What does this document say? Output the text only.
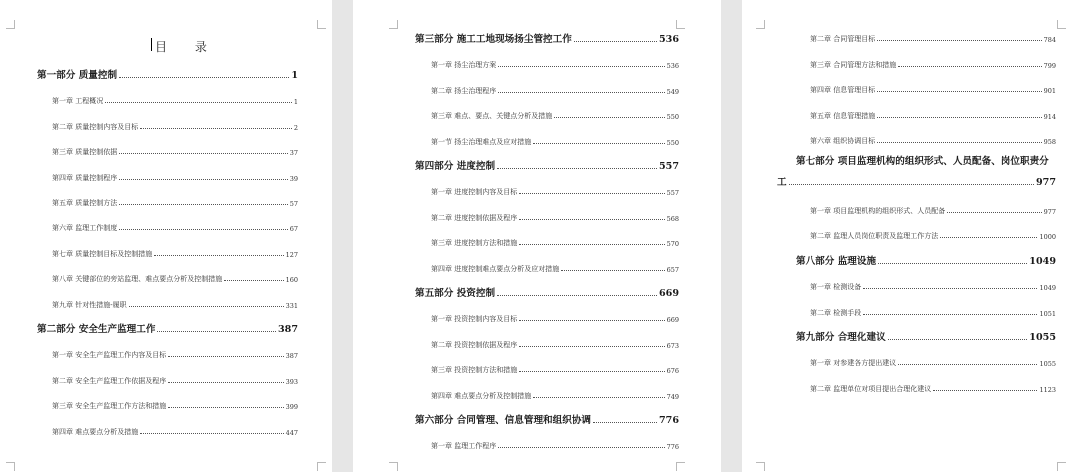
目 录
第一部分 质量控制	1
第一章 工程概况	1
第二章 质量控制内容及目标	2
第三章 质量控制依据	37
第四章 质量控制程序	39
第五章 质量控制方法	57
第六章 监理工作制度	67
第七章 质量控制目标及控制措施	127
第八章 关键部位的旁站监理、难点要点分析及控制措施	160
第九章 针对性措施-履职	331
第二部分 安全生产监理工作	387
第一章 安全生产监理工作内容及目标	387
第二章 安全生产监理工作依据及程序	393
第三章 安全生产监理工作方法和措施	399
第四章 难点要点分析及措施	447
第三部分 施工工地现场扬尘管控工作	536
第一章 扬尘治理方案	536
第二章 扬尘治理程序	549
第三章 难点、要点、关键点分析及措施	550
第一节 扬尘治理难点及应对措施	550
第四部分 进度控制	557
第一章 进度控制内容及目标	557
第二章 进度控制依据及程序	568
第三章 进度控制方法和措施	570
第四章 进度控制难点要点分析及应对措施	657
第五部分 投资控制	669
第一章 投资控制内容及目标	669
第二章 投资控制依据及程序	673
第三章 投资控制方法和措施	676
第四章 难点要点分析及控制措施	749
第六部分 合同管理、信息管理和组织协调	776
第一章 监理工作程序	776
第二章 合同管理目标	784
第三章 合同管理方法和措施	799
第四章 信息管理目标	901
第五章 信息管理措施	914
第六章 组织协调目标	958
第七部分 项目监理机构的组织形式、人员配备、岗位职责分
工	977
第一章 项目监理机构的组织形式、人员配备	977
第二章 监理人员岗位职责及监理工作方法	1000
第八部分 监理设施	1049
第一章 检测设备	1049
第二章 检测手段	1051
第九部分 合理化建议	1055
第一章 对参建各方提出建议	1055
第二章 监理单位对项目提出合理化建议	1123
